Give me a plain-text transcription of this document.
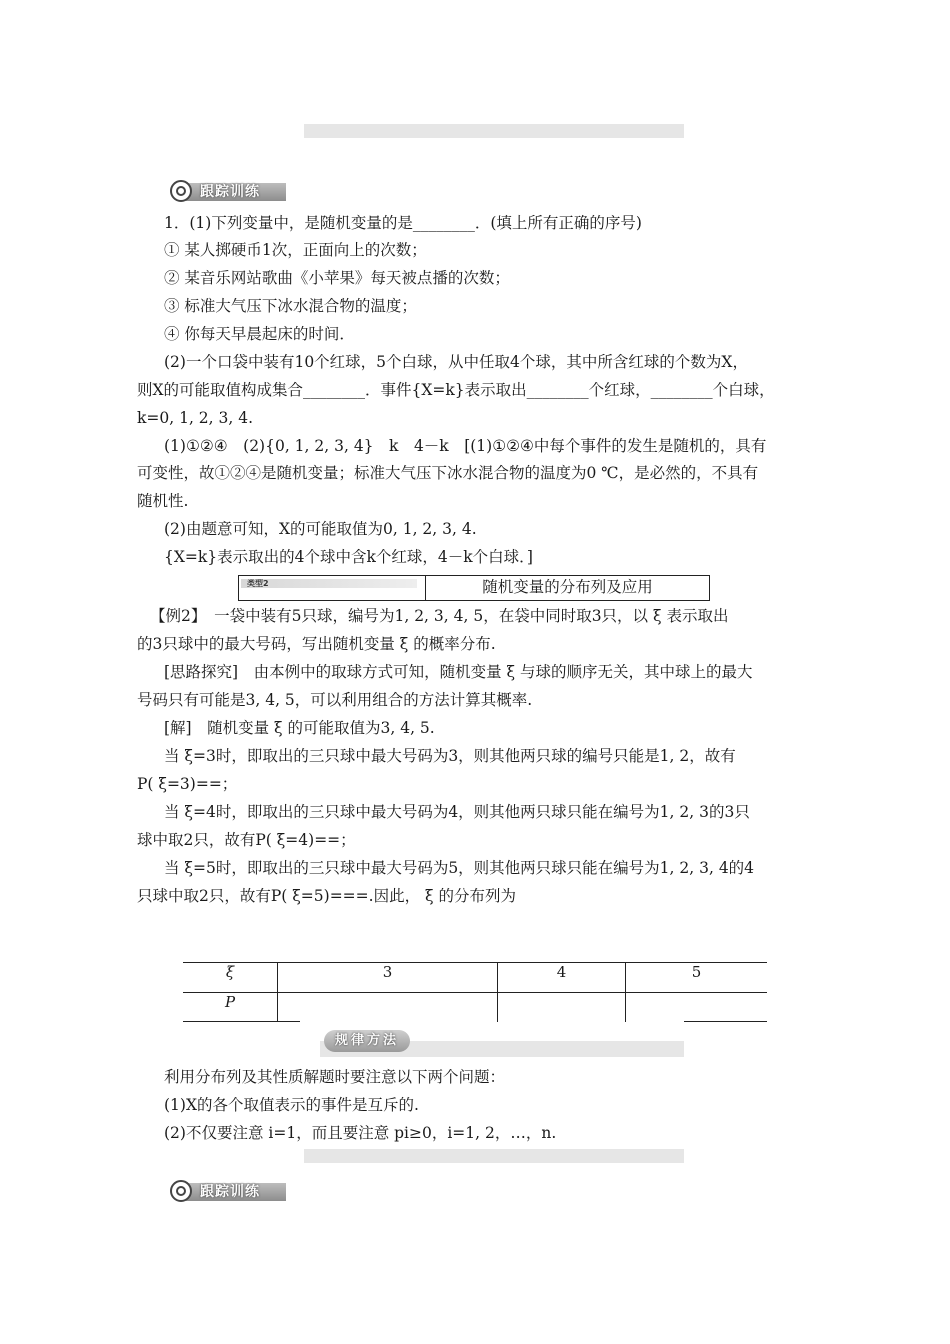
跟踪训练
1．(1)下列变量中，是随机变量的是________．(填上所有正确的序号)
① 某人掷硬币1次，正面向上的次数；
② 某音乐网站歌曲《小苹果》每天被点播的次数；
③ 标准大气压下冰水混合物的温度；
④ 你每天早晨起床的时间．
(2)一个口袋中装有10个红球，5个白球，从中任取4个球，其中所含红球的个数为X，
则X的可能取值构成集合________．事件{X=k}表示取出________个红球，________个白球，
k=0, 1, 2, 3, 4.
(1)①②④　(2){0, 1, 2, 3, 4}　k　4－k　[(1)①②④中每个事件的发生是随机的，具有
可变性，故①②④是随机变量；标准大气压下冰水混合物的温度为0 ℃，是必然的，不具有
随机性.
(2)由题意可知，X的可能取值为0, 1, 2, 3, 4.
{X=k}表示取出的4个球中含k个红球，4－k个白球．]
类型2	随机变量的分布列及应用
【例2】　一袋中装有5只球，编号为1, 2, 3, 4, 5，在袋中同时取3只，以 ξ 表示取出
的3只球中的最大号码，写出随机变量 ξ 的概率分布.
[思路探究]　由本例中的取球方式可知，随机变量 ξ 与球的顺序无关，其中球上的最大
号码只有可能是3, 4, 5，可以利用组合的方法计算其概率.
[解]　随机变量 ξ 的可能取值为3, 4, 5.
当 ξ=3时，即取出的三只球中最大号码为3，则其他两只球的编号只能是1, 2，故有
P( ξ=3)==；
当 ξ=4时，即取出的三只球中最大号码为4，则其他两只球只能在编号为1, 2, 3的3只
球中取2只，故有P( ξ=4)==；
当 ξ=5时，即取出的三只球中最大号码为5，则其他两只球只能在编号为1, 2, 3, 4的4
只球中取2只，故有P( ξ=5)===.因此， ξ 的分布列为
ξ	3	4	5
P			
规律方法
利用分布列及其性质解题时要注意以下两个问题：
(1)X的各个取值表示的事件是互斥的.
(2)不仅要注意 i=1，而且要注意 pi≥0，i=1, 2，…，n.
跟踪训练
